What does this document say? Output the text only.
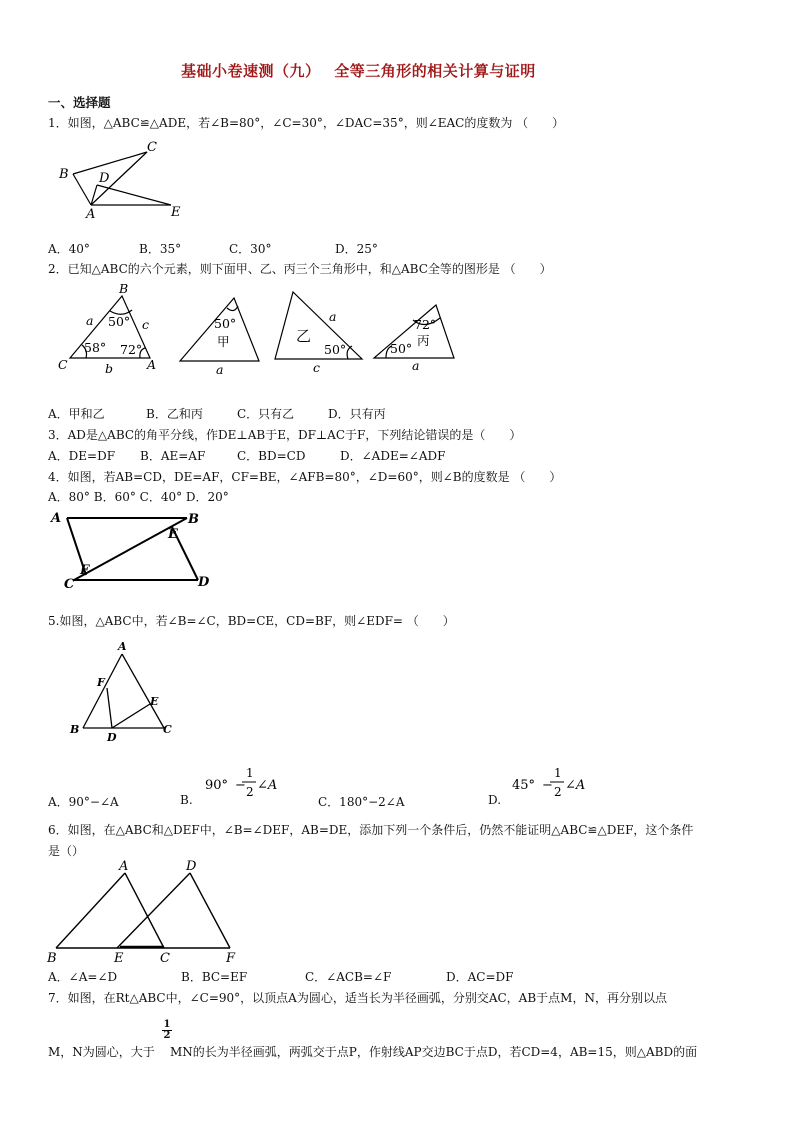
基础小卷速测（九）　 全等三角形的相关计算与证明
一、选择题
1．如图，△ABC≌△ADE，若∠B=80°，∠C=30°，∠DAC=35°，则∠EAC的度数为 （　　）
B
C
D
A	E
A．40°	B．35°	C．30°	D．25°
2．已知△ABC的六个元素，则下面甲、乙、丙三个三角形中，和△ABC全等的图形是 （　　）
B
C	A
a	c
b
50°
58° 72°
50°
甲
a
乙
50°
a
c
72°
丙
50°
a
A．甲和乙	B．乙和丙	C．只有乙	D．只有丙
3．AD是△ABC的角平分线，作DE⊥AB于E，DF⊥AC于F，下列结论错误的是（　　）
A．DE=DF B．AE=AF	C．BD=CD	D．∠ADE=∠ADF
4．如图，若AB=CD，DE=AF，CF=BE，∠AFB=80°，∠D=60°，则∠B的度数是 （　　）
A．80° B．60° C．40° D．20°
A	B
E
F
C	D
5.如图，△ABC中，若∠B=∠C，BD=CE，CD=BF，则∠EDF= （　　）
A
F
E
B
D
C
A．90°−∠A	B.
90°
1
2 ∠A
−	45°
1
2 ∠A
−
C．180°−2∠A	D.
6．如图，在△ABC和△DEF中，∠B=∠DEF，AB=DE，添加下列一个条件后，仍然不能证明△ABC≌△DEF，这个条件
是（）
A	D
B	E	C	F
A．∠A=∠D	B．BC=EF	C．∠ACB=∠F	D．AC=DF
7．如图，在Rt△ABC中，∠C=90°，以顶点A为圆心，适当长为半径画弧，分别交AC，AB于点M，N，再分别以点
M，N为圆心，大于
$\frac{1}{2}$
MN的长为半径画弧，两弧交于点P，作射线AP交边BC于点D，若CD=4，AB=15，则△ABD的面
